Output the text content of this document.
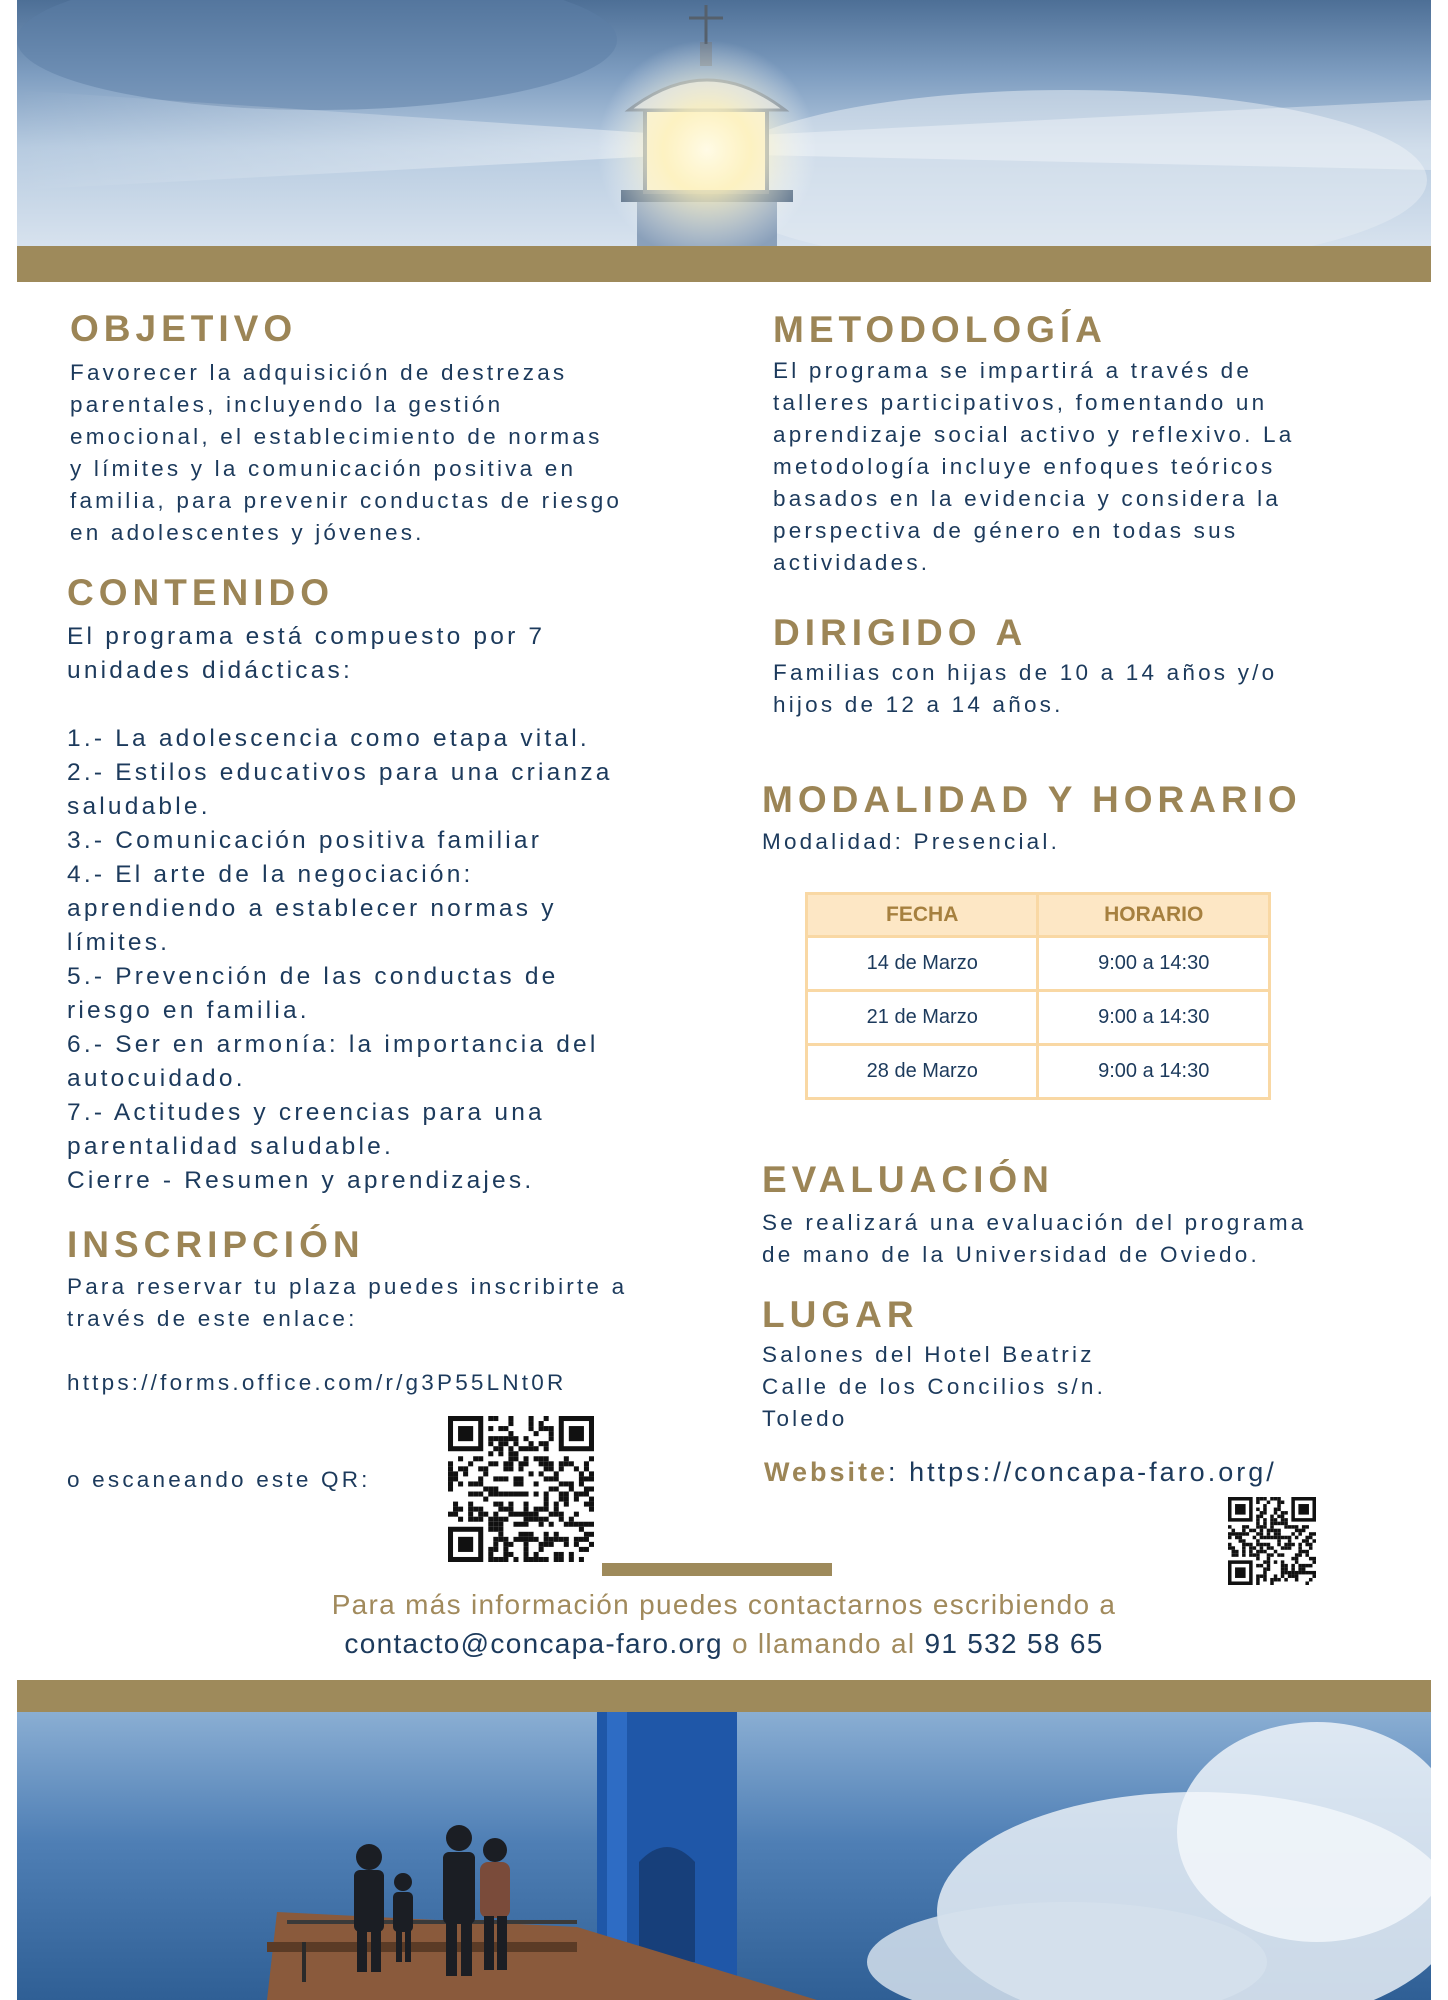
OBJETIVO

Favorecer la adquisición de destrezas

parentales, incluyendo la gestión

emocional, el establecimiento de normas

y límites y la comunicación positiva en

familia, para prevenir conductas de riesgo

en adolescentes y jóvenes.

CONTENIDO

El programa está compuesto por 7

unidades didácticas:

1.- La adolescencia como etapa vital.

2.- Estilos educativos para una crianza

saludable.

3.- Comunicación positiva familiar

4.- El arte de la negociación:

aprendiendo a establecer normas y

límites.

5.- Prevención de las conductas de

riesgo en familia.

6.- Ser en armonía: la importancia del

autocuidado.

7.- Actitudes y creencias para una

parentalidad saludable.

Cierre - Resumen y aprendizajes.

INSCRIPCIÓN

Para reservar tu plaza puedes inscribirte a

través de este enlace:

https://forms.office.com/r/g3P55LNt0R
o escaneando este QR:
METODOLOGÍA

El programa se impartirá a través de

talleres participativos, fomentando un

aprendizaje social activo y reflexivo. La

metodología incluye enfoques teóricos

basados en la evidencia y considera la

perspectiva de género en todas sus

actividades.

DIRIGIDO A

Familias con hijas de 10 a 14 años y/o

hijos de 12 a 14 años.

MODALIDAD Y HORARIO
Modalidad: Presencial.
FECHA	HORARIO
14 de Marzo	9:00 a 14:30
21 de Marzo	9:00 a 14:30
28 de Marzo	9:00 a 14:30
EVALUACIÓN

Se realizará una evaluación del programa

de mano de la Universidad de Oviedo.

LUGAR

Salones del Hotel Beatriz

Calle de los Concilios s/n.

Toledo

Website: https://concapa-faro.org/
Para más información puedes contactarnos escribiendo a
contacto@concapa-faro.org o llamando al 91 532 58 65
